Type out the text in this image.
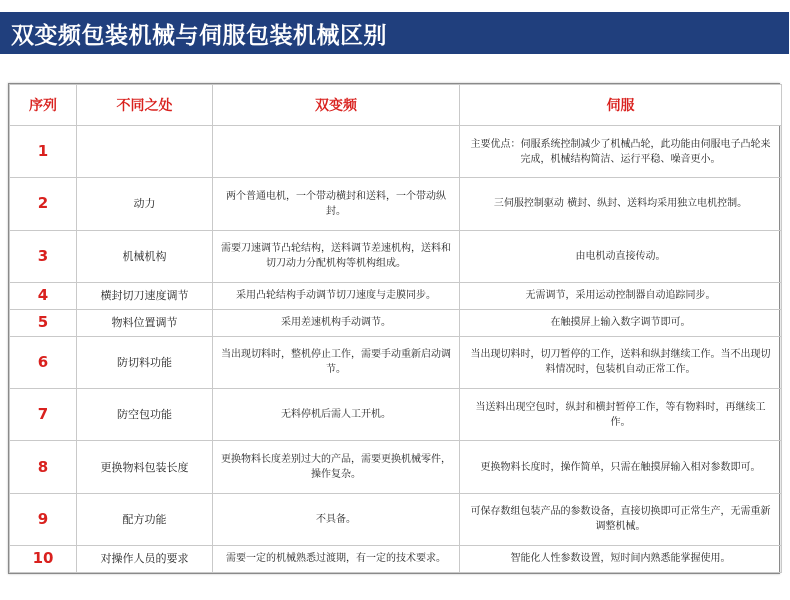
双变频包装机械与伺服包装机械区别
序列	不同之处	双变频	伺服
1			主要优点：伺服系统控制减少了机械凸轮，此功能由伺服电子凸轮来完成，机械结构简洁、运行平稳、噪音更小。
2	动力	两个普通电机，一个带动横封和送料，一个带动纵封。	三伺服控制驱动 横封、纵封、送料均采用独立电机控制。
3	机械机构	需要刀速调节凸轮结构，送料调节差速机构，送料和切刀动力分配机构等机构组成。	由电机动直接传动。
4	横封切刀速度调节	采用凸轮结构手动调节切刀速度与走膜同步。	无需调节，采用运动控制器自动追踪同步。
5	物料位置调节	采用差速机构手动调节。	在触摸屏上输入数字调节即可。
6	防切料功能	当出现切料时，整机停止工作，需要手动重新启动调节。	当出现切料时，切刀暂停的工作，送料和纵封继续工作。当不出现切料情况时，包装机自动正常工作。
7	防空包功能	无料停机后需人工开机。	当送料出现空包时，纵封和横封暂停工作，等有物料时，再继续工作。
8	更换物料包装长度	更换物料长度差别过大的产品，需要更换机械零件，操作复杂。	更换物料长度时，操作简单，只需在触摸屏输入相对参数即可。
9	配方功能	不具备。	可保存数组包装产品的参数设备，直接切换即可正常生产，无需重新调整机械。
10	对操作人员的要求	需要一定的机械熟悉过渡期，有一定的技术要求。	智能化人性参数设置，短时间内熟悉能掌握使用。
